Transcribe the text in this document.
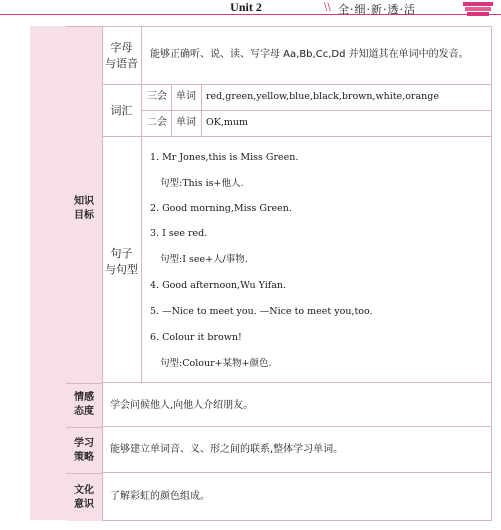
Unit 2	\\ 全·细·新·透·活
知识
目标
字母
与语音
能够正确听、说、读、写字母 Aa,Bb,Cc,Dd 并知道其在单词中的发音。
词汇
三会 单词 red,green,yellow,blue,black,brown,white,orange
二会 单词 OK,mum
句子
与句型
1. Mr Jones,this is Miss Green.
句型:This is+他人.
2. Good morning,Miss Green.
3. I see red.
句型:I see+人/事物.
4. Good afternoon,Wu Yifan.
5. —Nice to meet you. —Nice to meet you,too.
6. Colour it brown!
句型:Colour+某物+颜色.
情感
态度
学会问候他人,向他人介绍朋友。
学习
策略
能够建立单词音、义、形之间的联系,整体学习单词。
文化
意识
了解彩虹的颜色组成。
